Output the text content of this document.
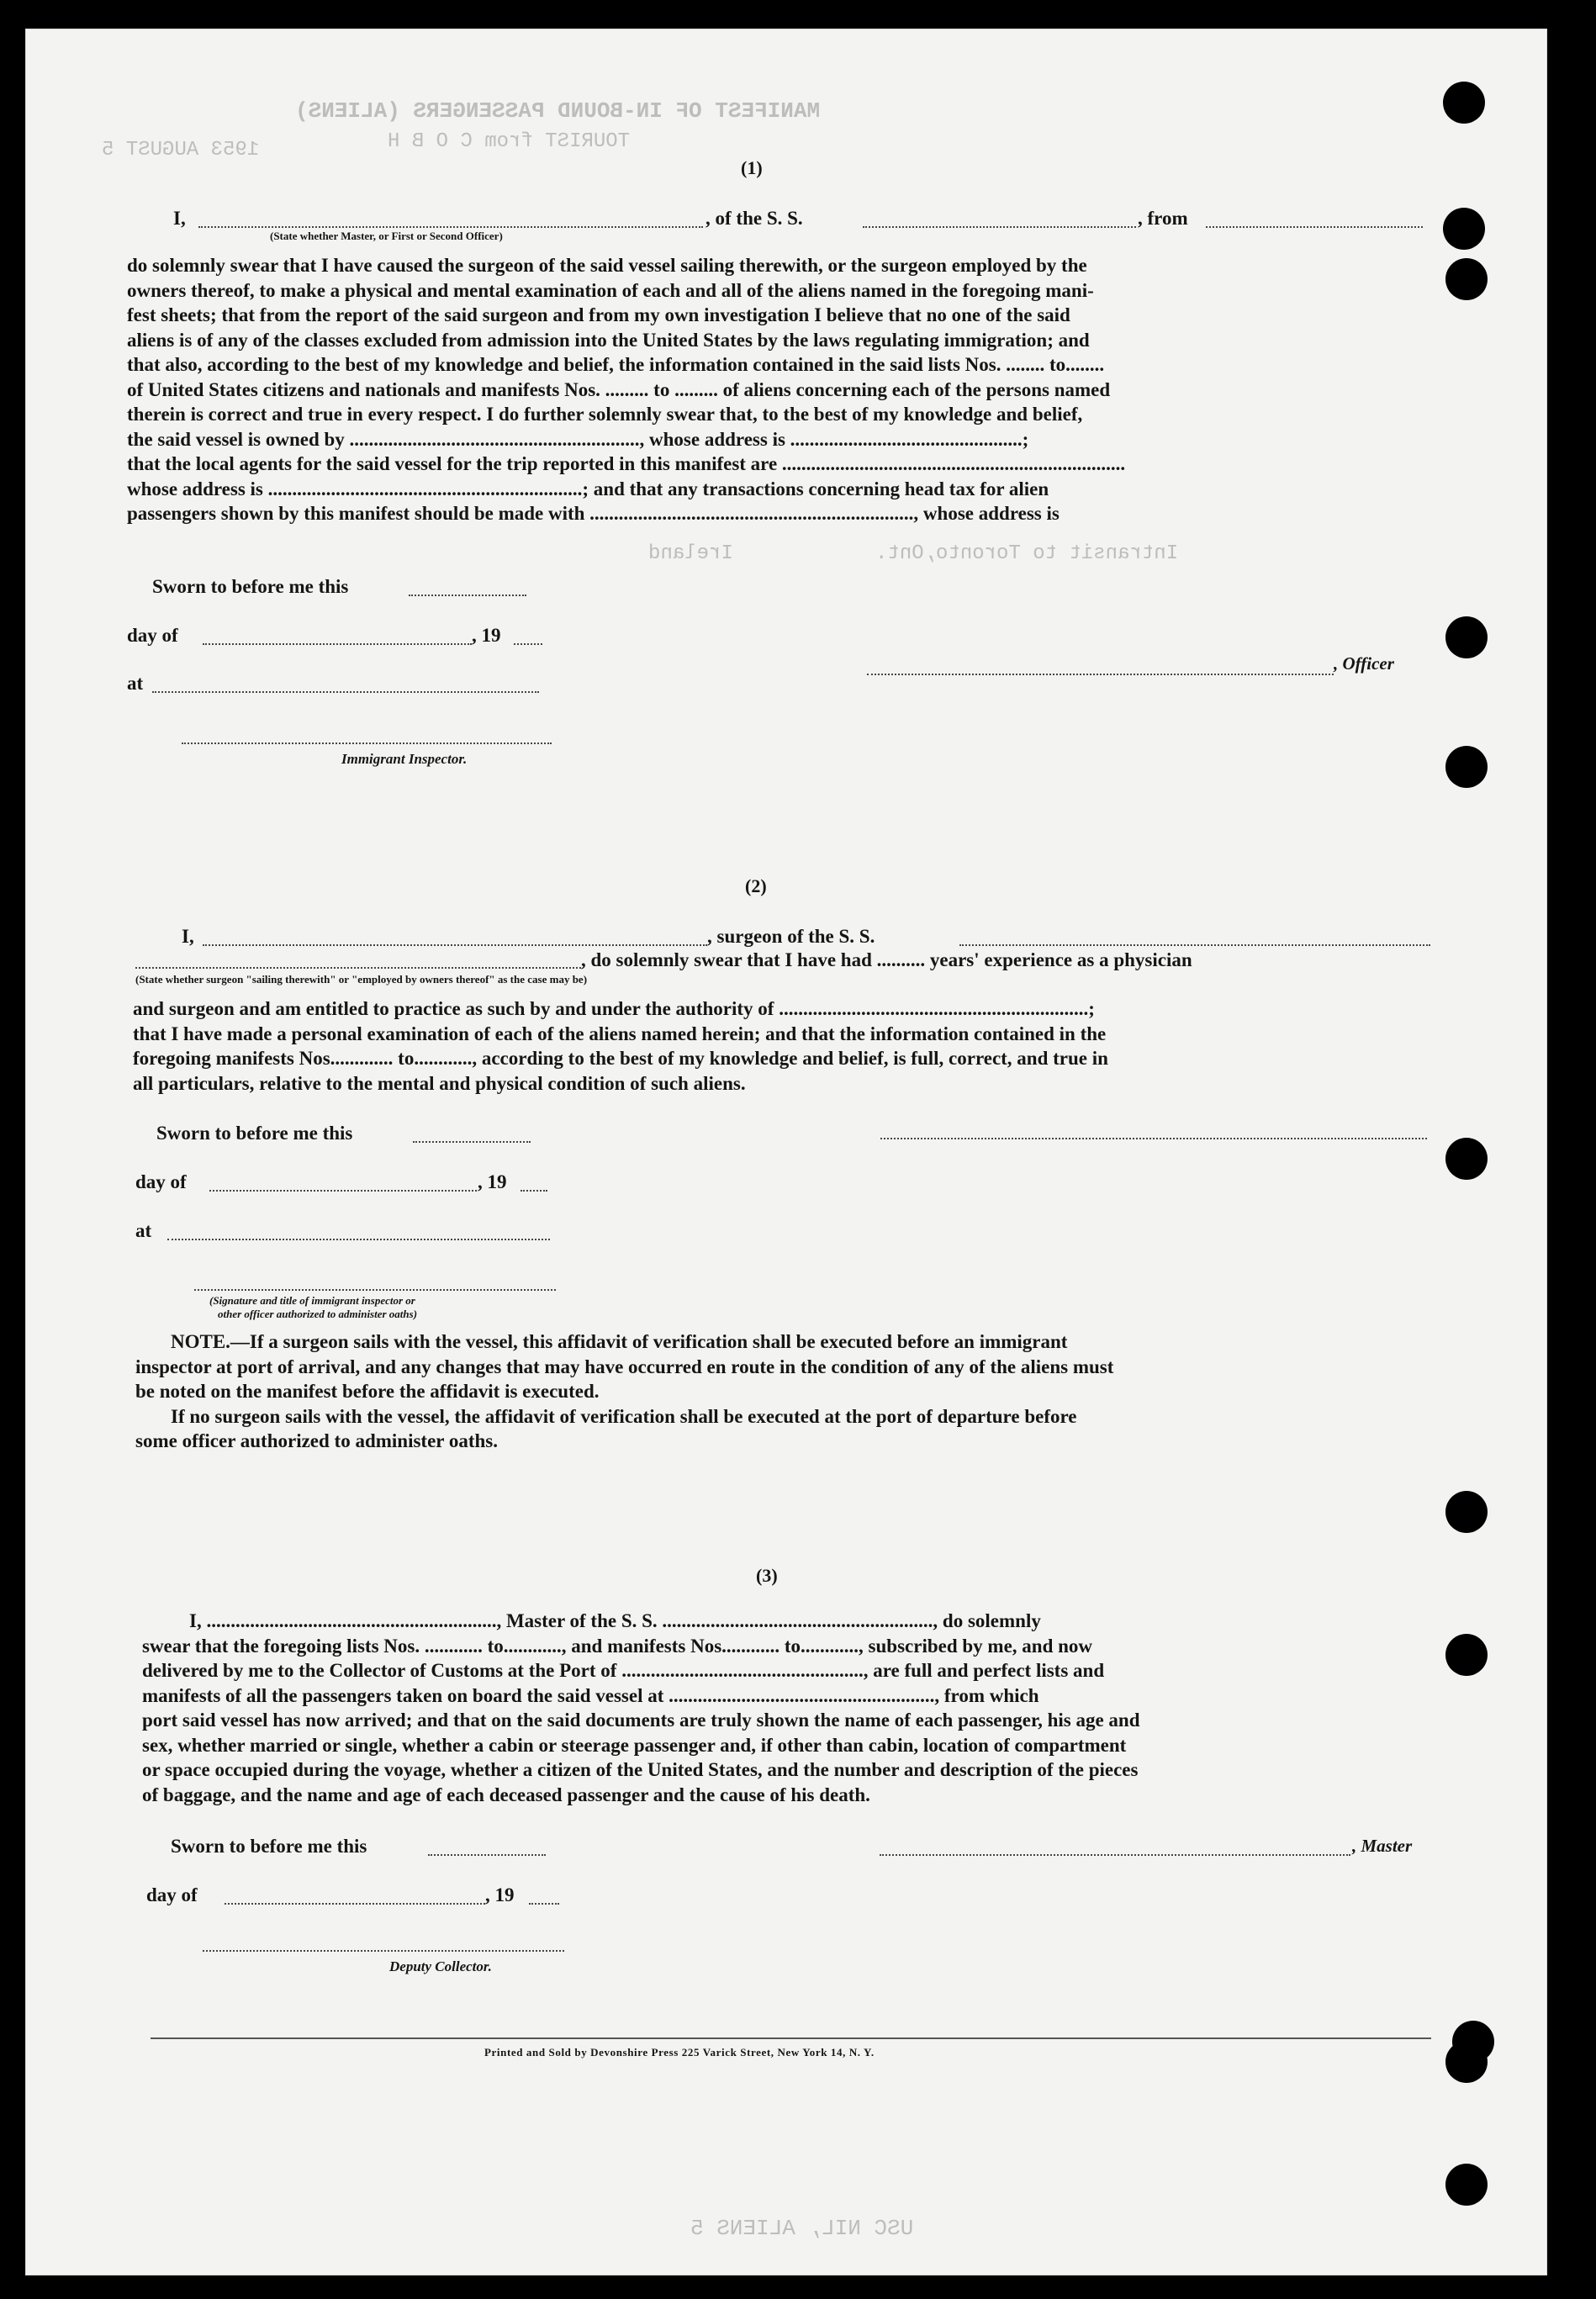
MANIFEST OF IN-BOUND PASSENGERS (ALIENS)
TOURIST from C O B H
1953 AUGUST 5
(1)
I,
(State whether Master, or First or Second Officer)
, of the S. S.	, from
do solemnly swear that I have caused the surgeon of the said vessel sailing therewith, or the surgeon employed by the
owners thereof, to make a physical and mental examination of each and all of the aliens named in the foregoing mani-
fest sheets; that from the report of the said surgeon and from my own investigation I believe that no one of the said
aliens is of any of the classes excluded from admission into the United States by the laws regulating immigration; and
that also, according to the best of my knowledge and belief, the information contained in the said lists Nos. ........ to........
of United States citizens and nationals and manifests Nos. ......... to ......... of aliens concerning each of the persons named
therein is correct and true in every respect. I do further solemnly swear that, to the best of my knowledge and belief,
the said vessel is owned by ............................................................, whose address is ................................................;
that the local agents for the said vessel for the trip reported in this manifest are .......................................................................
whose address is .................................................................; and that any transactions concerning head tax for alien
passengers shown by this manifest should be made with ..................................................................., whose address is
Intransit to Toronto,Ont.
Ireland
Sworn to before me this
day of	, 19
at
, Officer
Immigrant Inspector.
(2)
I,	, surgeon of the S. S.
, do solemnly swear that I have had .......... years' experience as a physician
(State whether surgeon "sailing therewith" or "employed by owners thereof" as the case may be)
and surgeon and am entitled to practice as such by and under the authority of ................................................................;
that I have made a personal examination of each of the aliens named herein; and that the information contained in the
foregoing manifests Nos............. to............, according to the best of my knowledge and belief, is full, correct, and true in
all particulars, relative to the mental and physical condition of such aliens.
Sworn to before me this
day of	, 19
at
(Signature and title of immigrant inspector or
other officer authorized to administer oaths)
NOTE.—If a surgeon sails with the vessel, this affidavit of verification shall be executed before an immigrant
inspector at port of arrival, and any changes that may have occurred en route in the condition of any of the aliens must
be noted on the manifest before the affidavit is executed.
If no surgeon sails with the vessel, the affidavit of verification shall be executed at the port of departure before
some officer authorized to administer oaths.
(3)
I, ............................................................, Master of the S. S. ........................................................, do solemnly
swear that the foregoing lists Nos. ............ to............, and manifests Nos............ to............, subscribed by me, and now
delivered by me to the Collector of Customs at the Port of .................................................., are full and perfect lists and
manifests of all the passengers taken on board the said vessel at ......................................................., from which
port said vessel has now arrived; and that on the said documents are truly shown the name of each passenger, his age and
sex, whether married or single, whether a cabin or steerage passenger and, if other than cabin, location of compartment
or space occupied during the voyage, whether a citizen of the United States, and the number and description of the pieces
of baggage, and the name and age of each deceased passenger and the cause of his death.
Sworn to before me this	, Master
day of	, 19
Deputy Collector.
Printed and Sold by Devonshire Press 225 Varick Street, New York 14, N. Y.
USC NIL, ALIENS 5
